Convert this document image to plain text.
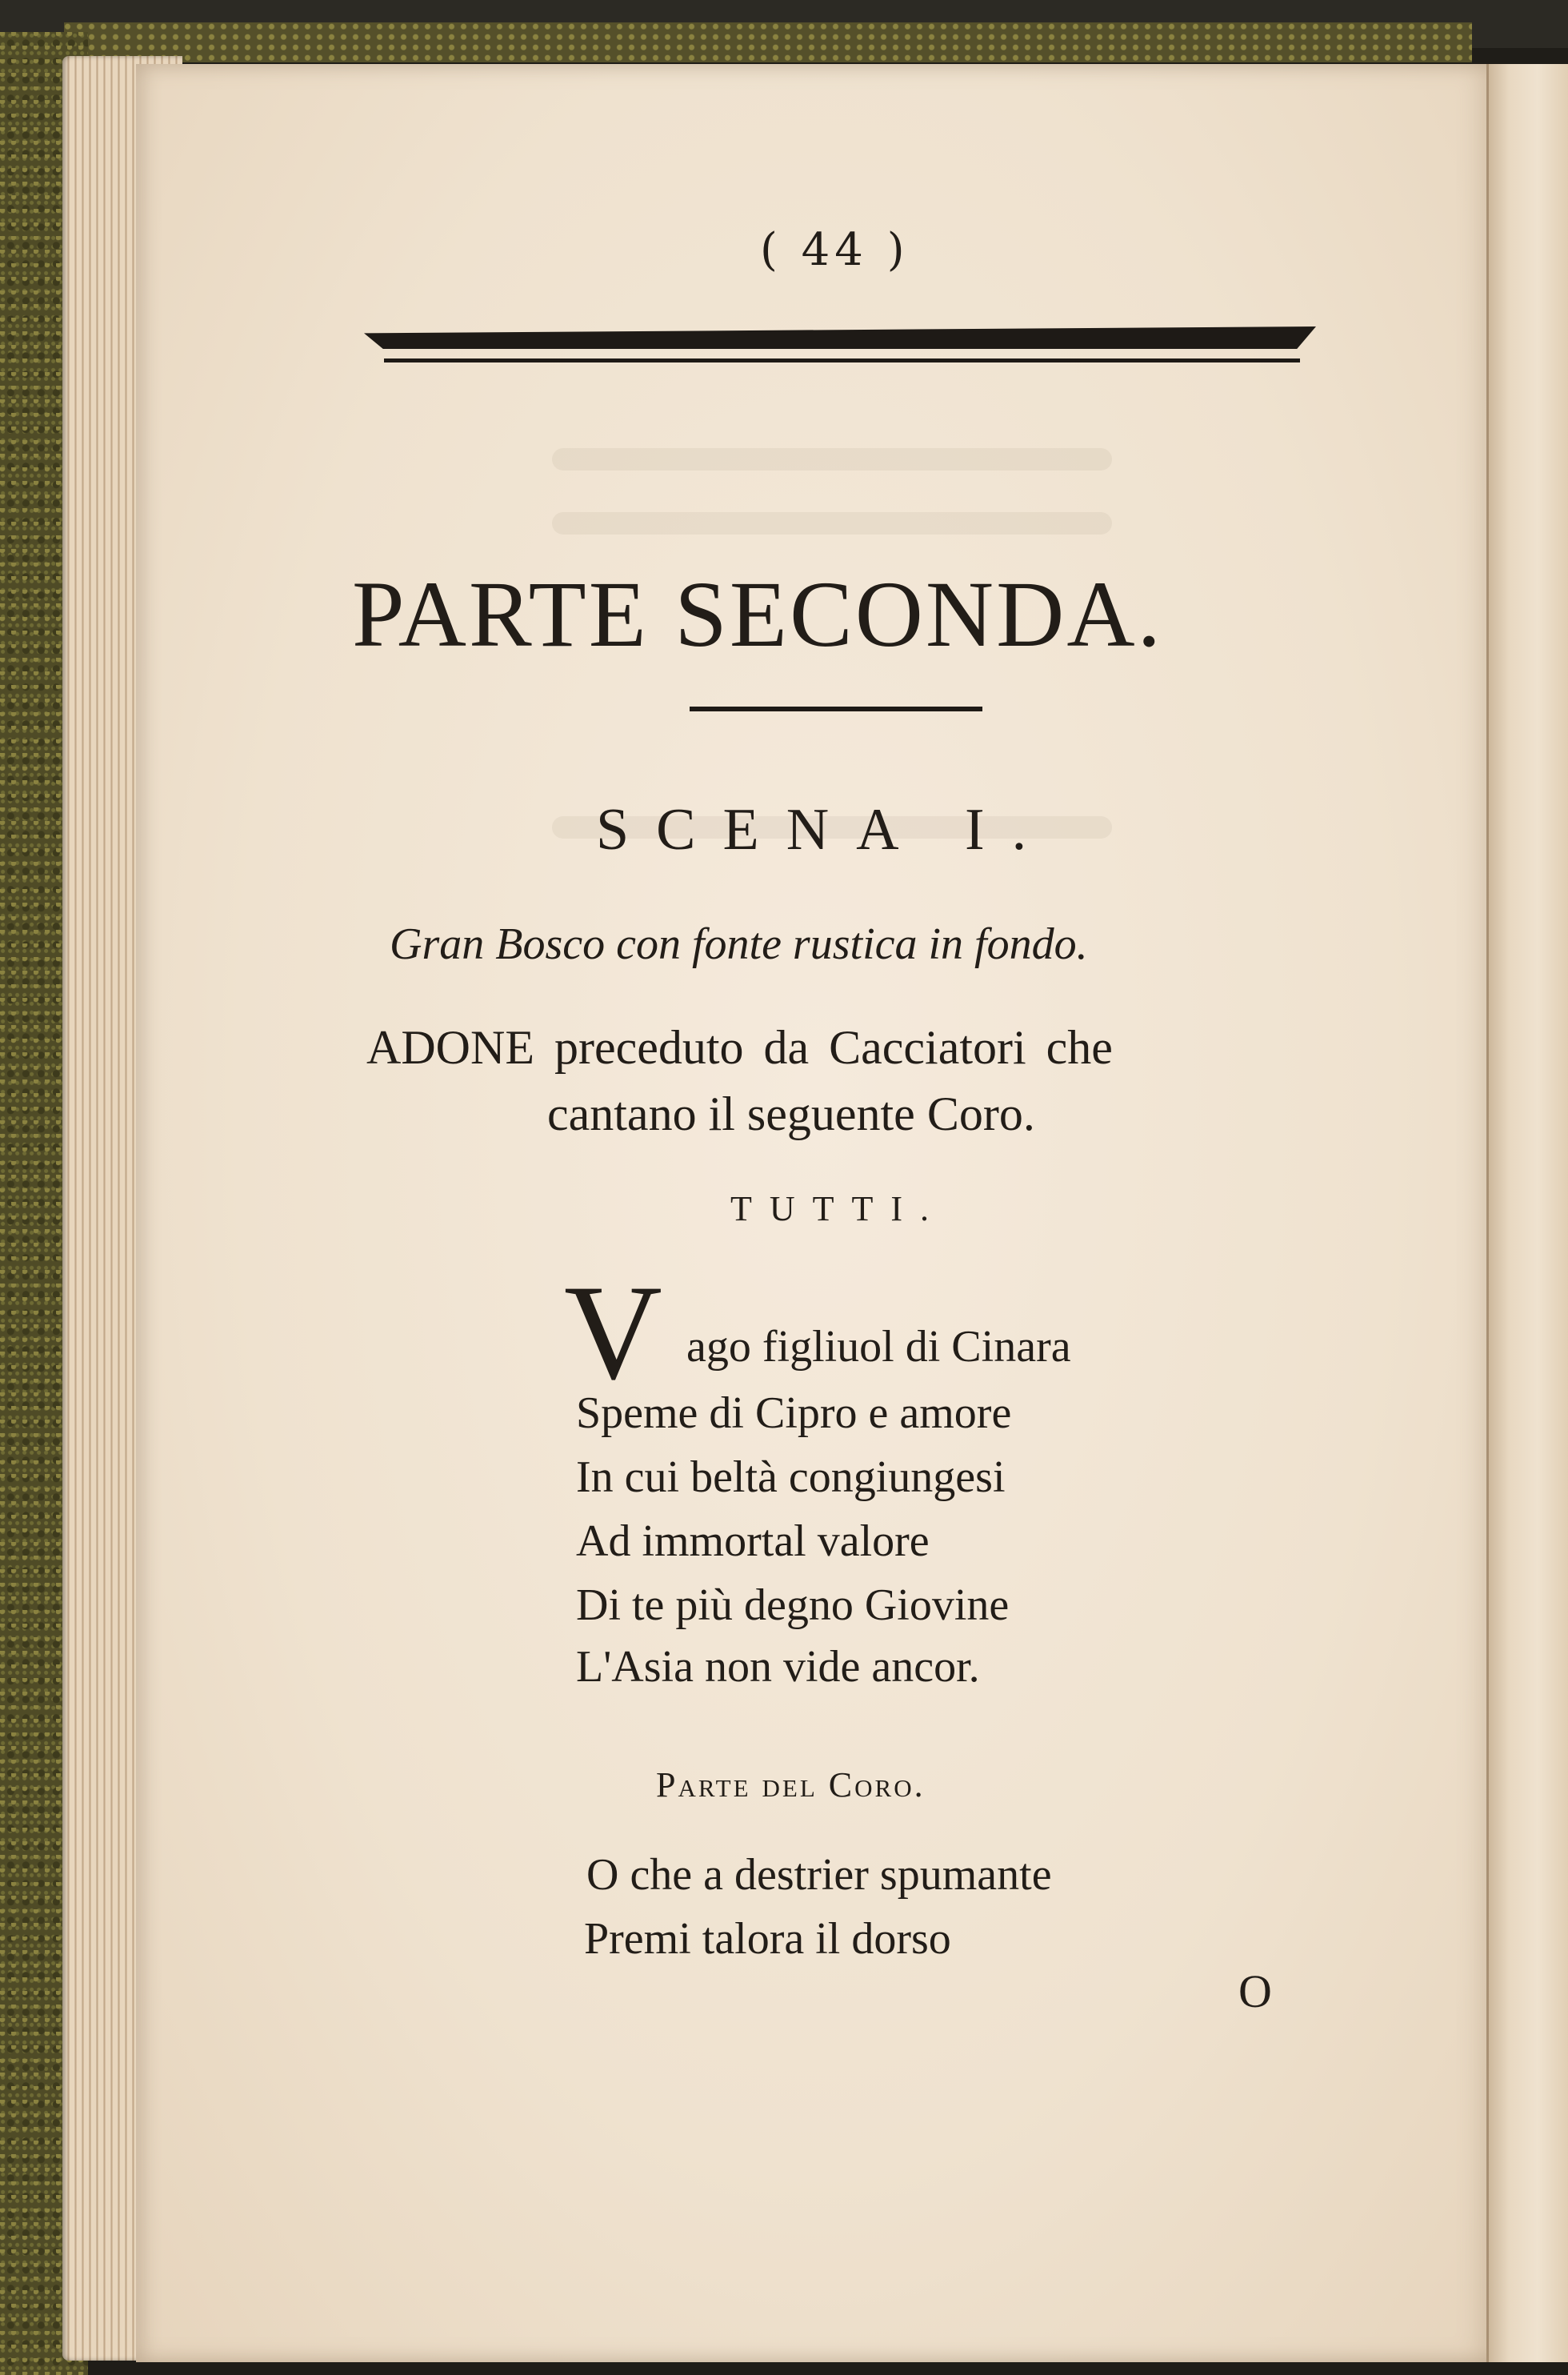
( 44 )
PARTE SECONDA.
SCENA I.
Gran Bosco con fonte rustica in fondo.
ADONE preceduto da Cacciatori che
cantano il seguente Coro.
TUTTI.
V ago figliuol di Cinara
Speme di Cipro e amore
In cui beltà congiungesi
Ad immortal valore
Di te più degno Giovine
L'Asia non vide ancor.
Parte del Coro.
O che a destrier spumante
Premi talora il dorso
O
